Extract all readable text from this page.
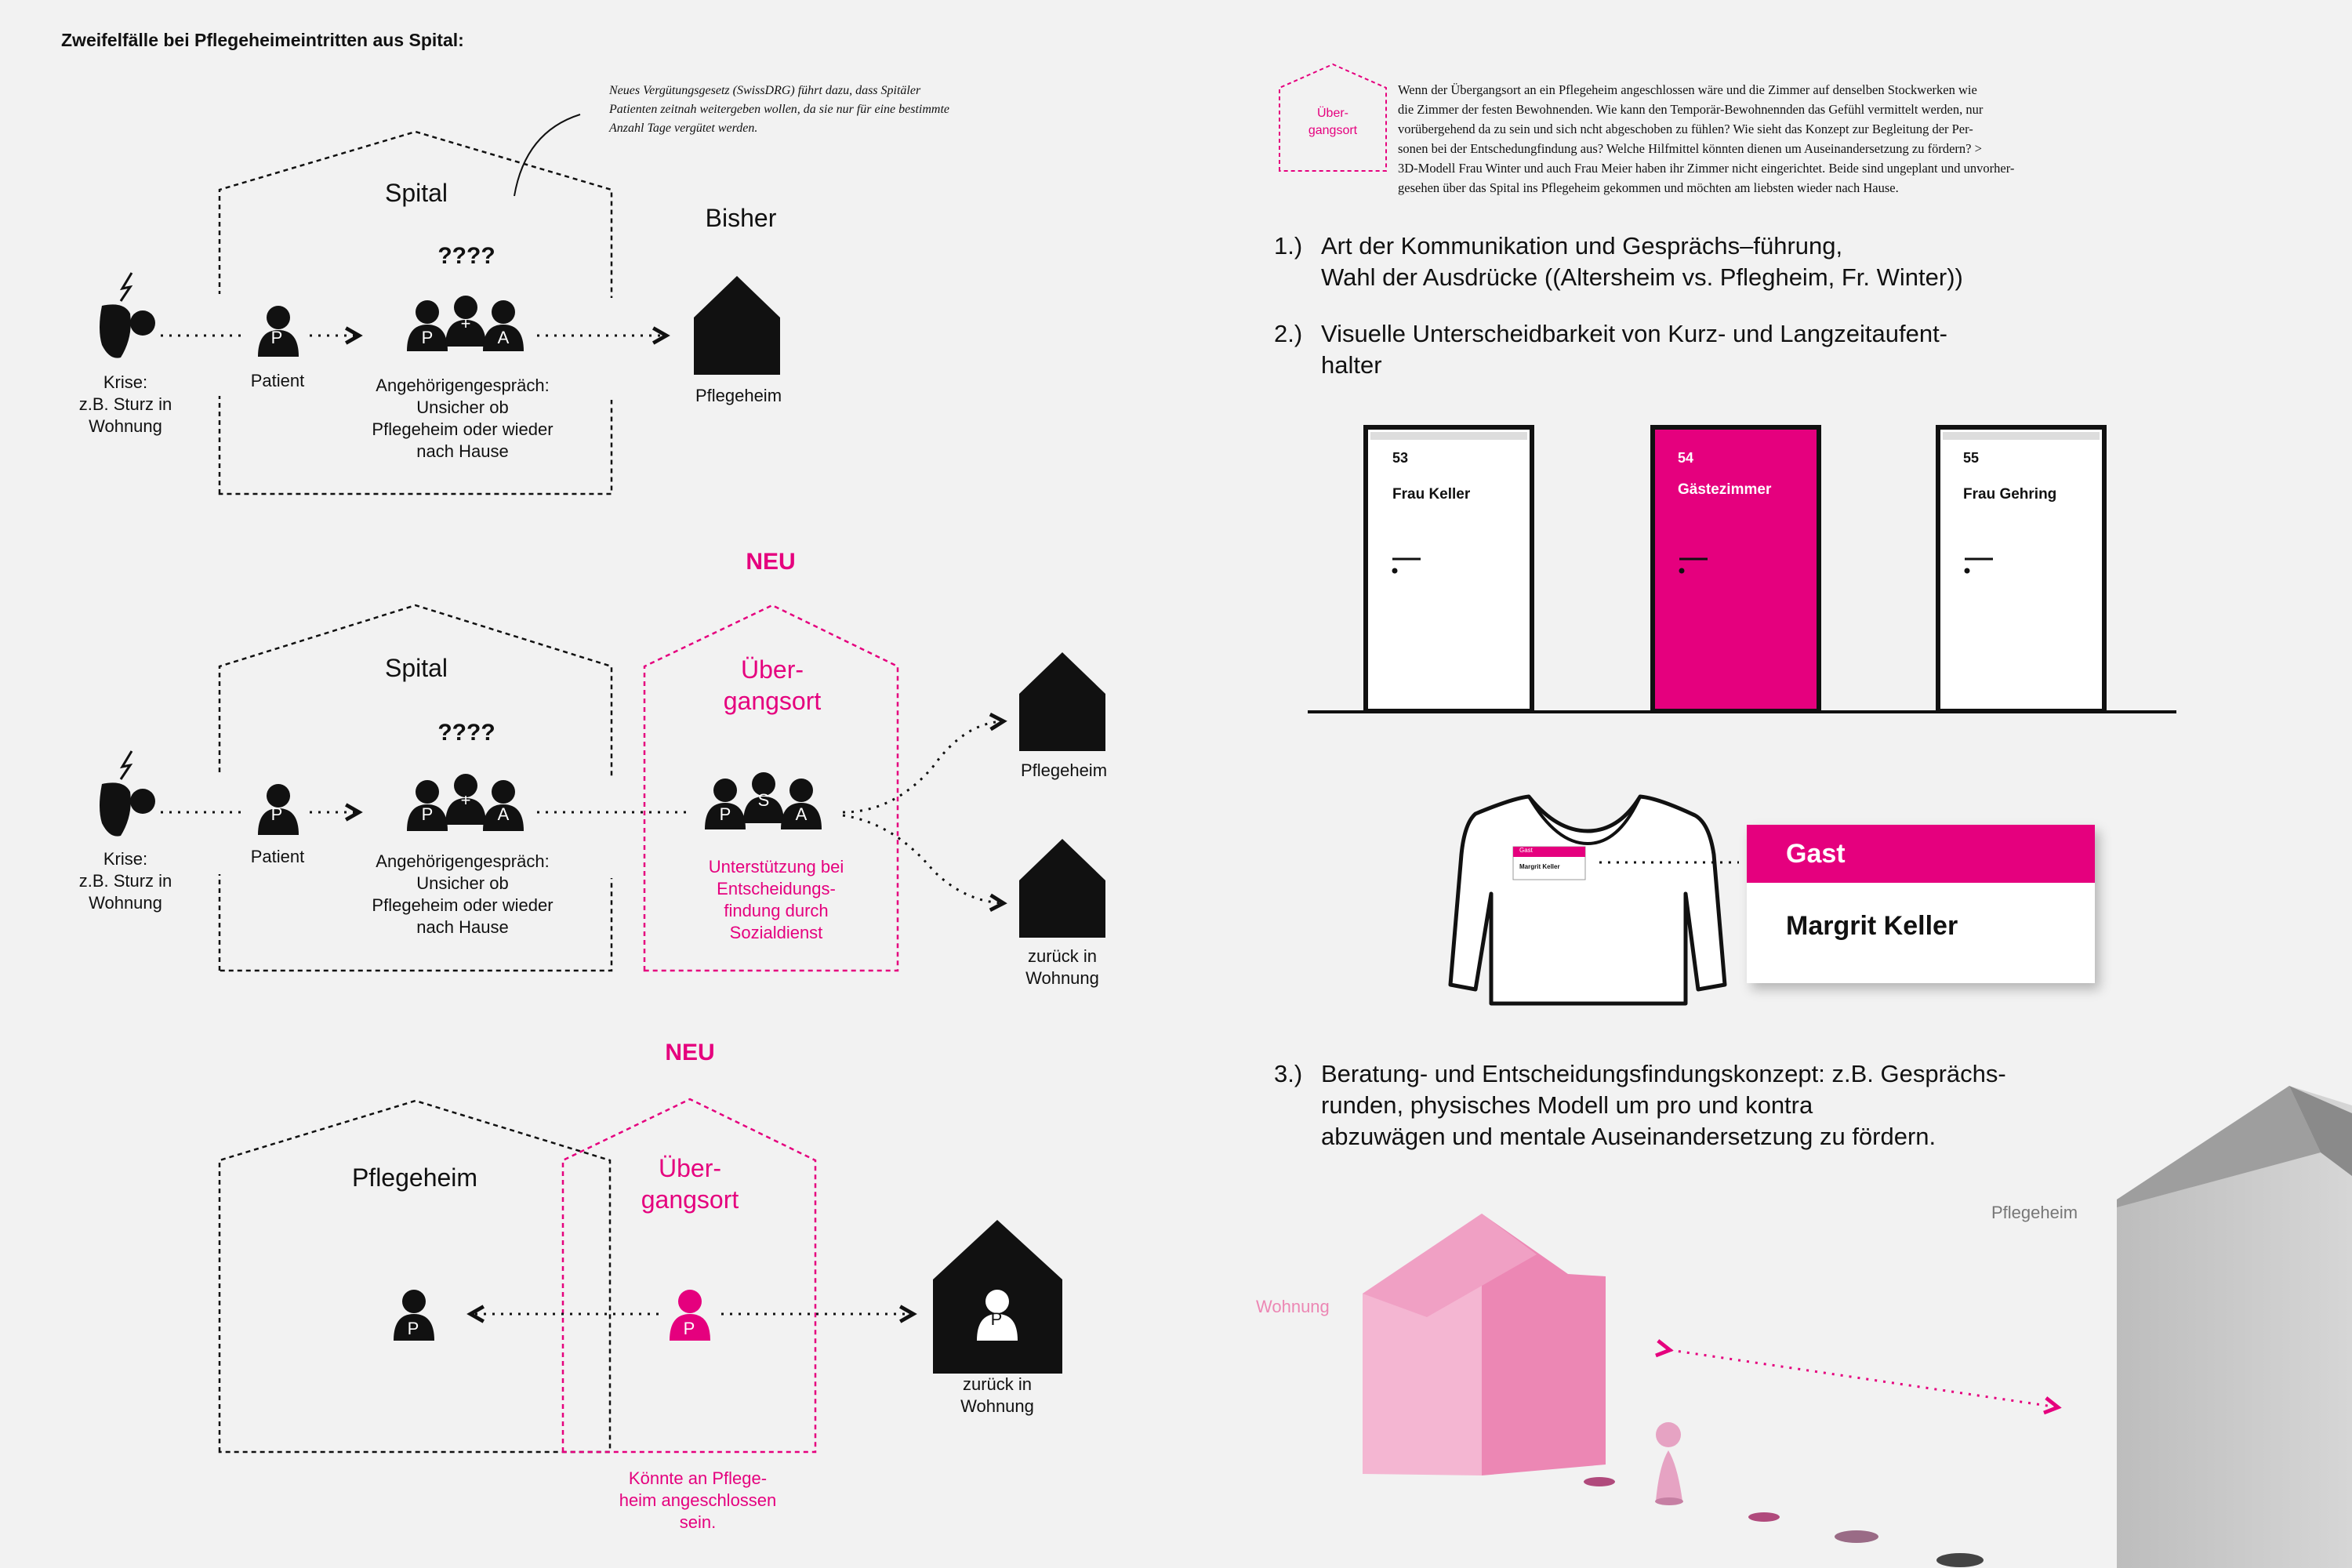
Zweifelfälle bei Pflegeheimeintritten aus Spital:
Neues Vergütungsgesetz (SwissDRG) führt dazu, dass Spitäler
Patienten zeitnah weitergeben wollen, da sie nur für eine bestimmte
Anzahl Tage vergütet werden.
Spital
????
Bisher
P	P
+
A
Krise:
z.B. Sturz in
Wohnung
Patient	Angehörigengespräch:
Unsicher ob
Pflegeheim oder wieder
nach Hause
Pflegeheim
NEU
Spital
????
Über-
gangsort
P	P
+
A	P
S
A
Krise:
z.B. Sturz in
Wohnung
Patient	Angehörigengespräch:
Unsicher ob
Pflegeheim oder wieder
nach Hause
Unterstützung bei
Entscheidungs-
findung durch
Sozialdienst
Pflegeheim
zurück in
Wohnung
NEU
Pflegeheim	Über-
gangsort
P	P	P
zurück in
Wohnung
Könnte an Pflege-
heim angeschlossen
sein.
Über-
gangsort
Wenn der Übergangsort an ein Pflegeheim angeschlossen wäre und die Zimmer auf denselben Stockwerken wie
die Zimmer der festen Bewohnenden. Wie kann den Temporär-Bewohnennden das Gefühl vermittelt werden, nur
vorübergehend da zu sein und sich ncht abgeschoben zu fühlen? Wie sieht das Konzept zur Begleitung der Per-
sonen bei der Entschedungfindung aus? Welche Hilfmittel könnten dienen um Auseinandersetzung zu fördern? >
3D-Modell Frau Winter und auch Frau Meier haben ihr Zimmer nicht eingerichtet. Beide sind ungeplant und unvorher-
gesehen über das Spital ins Pflegeheim gekommen und möchten am liebsten wieder nach Hause.
1.) Art der Kommunikation und Gesprächs–führung,
Wahl der Ausdrücke ((Altersheim vs. Pflegheim, Fr. Winter))
2.) Visuelle Unterscheidbarkeit von Kurz- und Langzeitaufent-
halter
53
Frau Keller
54
Gästezimmer
55
Frau Gehring
Gast
Margrit Keller	Gast
Margrit Keller
3.) Beratung- und Entscheidungsfindungskonzept: z.B. Gesprächs-
runden, physisches Modell um pro und kontra
abzuwägen und mentale Auseinandersetzung zu fördern.
Wohnung
Pflegeheim
